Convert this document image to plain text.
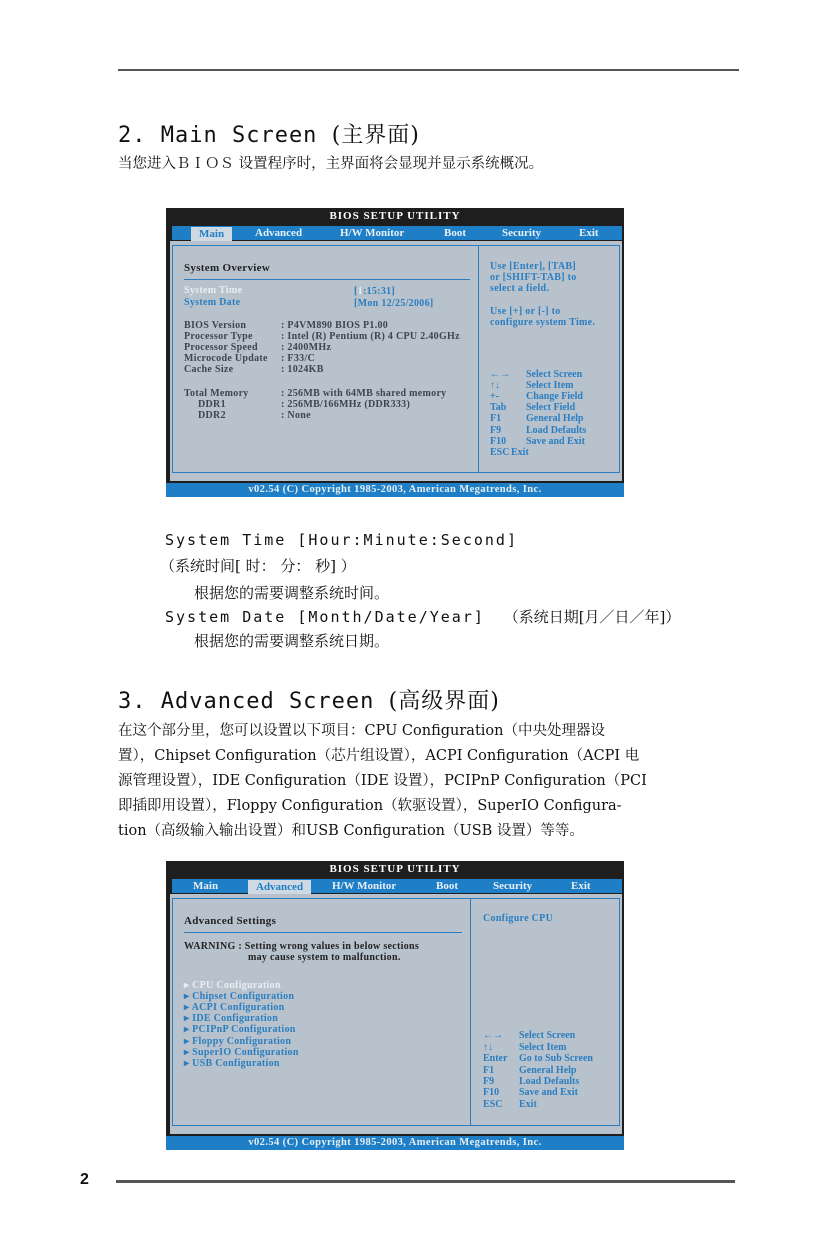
2. Main Screen (主界面)
当您进入ＢＩＯＳ 设置程序时，主界面将会显现并显示系统概况。
BIOS SETUP UTILITY
Main	Advanced	H/W Monitor	Boot	Security	Exit
System Overview
System Time	[1:15:31]
System Date	[Mon 12/25/2006]
BIOS Version	: P4VM890 BIOS P1.00
Processor Type	: Intel (R) Pentium (R) 4 CPU 2.40GHz
Processor Speed : 2400MHz
Microcode Update : F33/C
Cache Size	: 1024KB
Total Memory	: 256MB with 64MB shared memory
DDR1	: 256MB/166MHz (DDR333)
DDR2	: None
Use [Enter], [TAB]
or [SHIFT-TAB] to
select a field.
Use [+] or [-] to
configure system Time.
←→ Select Screen
↑↓	Select Item
+-	Change Field
Tab Select Field
F1 General Help
F9 Load Defaults
F10 Save and Exit
ESC Exit
v02.54 (C) Copyright 1985-2003, American Megatrends, Inc.
System Time [Hour:Minute:Second]
（系统时间[ 时： 分： 秒] ）
根据您的需要调整系统时间。
System Date [Month/Date/Year] （系统日期[月／日／年]）
根据您的需要调整系统日期。
3. Advanced Screen (高级界面)
在这个部分里，您可以设置以下项目：CPU Configuration（中央处理器设
置），Chipset Configuration（芯片组设置），ACPI Configuration（ACPI 电
源管理设置），IDE Configuration（IDE 设置），PCIPnP Configuration（PCI
即插即用设置），Floppy Configuration（软驱设置），SuperIO Configura-
tion（高级输入输出设置）和USB Configuration（USB 设置）等等。
BIOS SETUP UTILITY
Main	Advanced	H/W Monitor	Boot	Security	Exit
Advanced Settings
WARNING : Setting wrong values in below sections
may cause system to malfunction.
▸ CPU Configuration
▸ Chipset Configuration
▸ ACPI Configuration
▸ IDE Configuration
▸ PCIPnP Configuration
▸ Floppy Configuration
▸ SuperIO Configuration
▸ USB Configuration
Configure CPU
←→ Select Screen
↑↓	Select Item
Enter Go to Sub Screen
F1 General Help
F9 Load Defaults
F10 Save and Exit
ESC Exit
v02.54 (C) Copyright 1985-2003, American Megatrends, Inc.
2
